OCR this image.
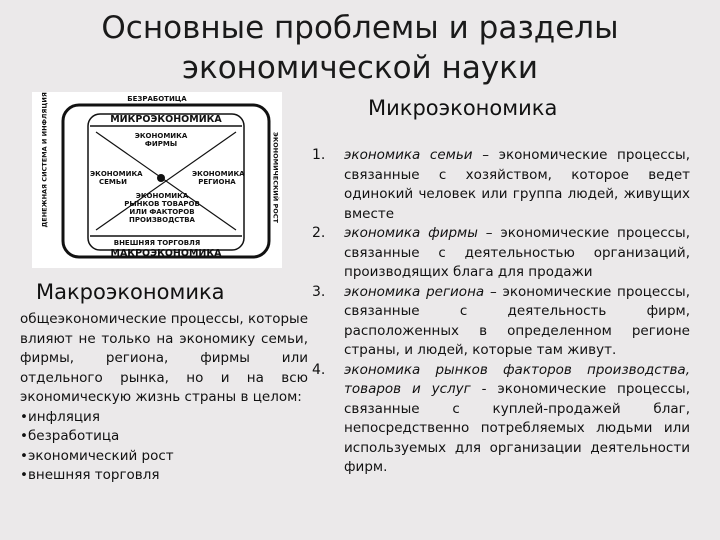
Основные проблемы и разделы экономической науки
Микроэкономика
БЕЗРАБОТИЦА
МИКРОЭКОНОМИКА
ЭКОНОМИКА ФИРМЫ
ЭКОНОМИКА СЕМЬИ
ЭКОНОМИКА РЕГИОНА
ЭКОНОМИКА РЫНКОВ ТОВАРОВ ИЛИ ФАКТОРОВ ПРОИЗВОДСТВА
ВНЕШНЯЯ ТОРГОВЛЯ
МАКРОЭКОНОМИКА
ДЕНЕЖНАЯ СИСТЕМА И ИНФЛЯЦИЯ	ЭКОНОМИЧЕСКИЙ РОСТ
Макроэкономика
общеэкономические процессы, которые влияют не только на экономику семьи, фирмы, региона, фирмы или отдельного рынка, но и на всю экономическую жизнь страны в целом:
•инфляция
•безработица
•экономический рост
•внешняя торговля
1. экономика семьи – экономические процессы, связанные с хозяйством, которое ведет одинокий человек или группа людей, живущих вместе
2. экономика фирмы – экономические процессы, связанные с деятельностью организаций, производящих блага для продажи
3. экономика региона – экономические процессы, связанные с деятельность фирм, расположенных в определенном регионе страны, и людей, которые там живут.
4. экономика рынков факторов производства, товаров и услуг - экономические процессы, связанные с куплей-продажей благ, непосредственно потребляемых людьми или используемых для организации деятельности фирм.
